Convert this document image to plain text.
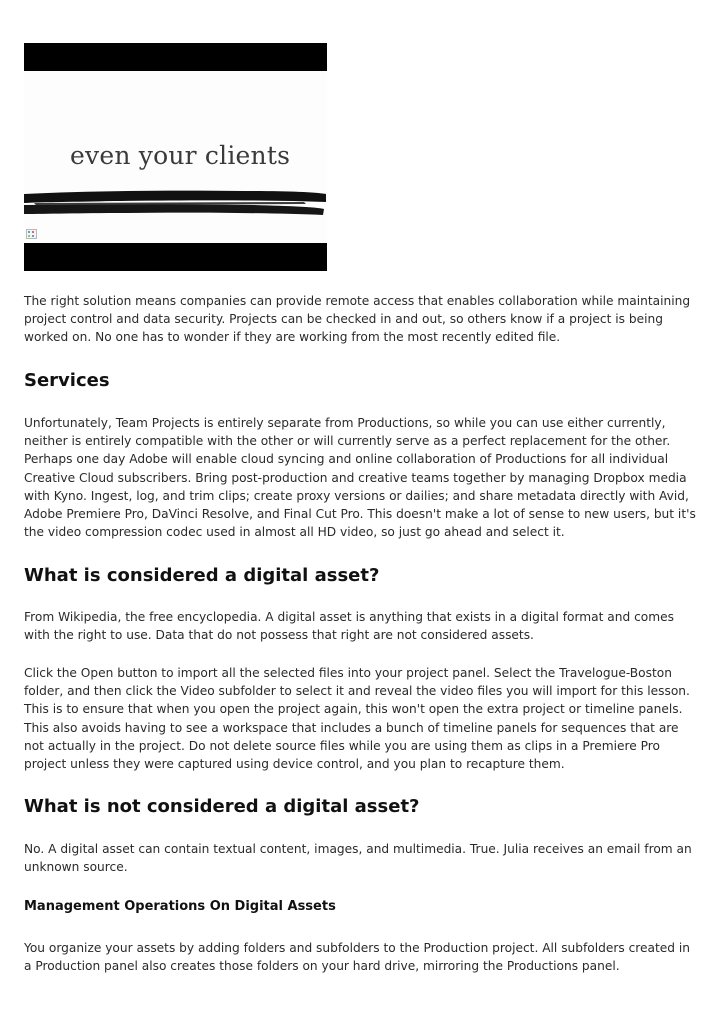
even your clients

The right solution means companies can provide remote access that enables collaboration while maintaining project control and data security. Projects can be checked in and out, so others know if a project is being worked on. No one has to wonder if they are working from the most recently edited file.

Services

Unfortunately, Team Projects is entirely separate from Productions, so while you can use either currently, neither is entirely compatible with the other or will currently serve as a perfect replacement for the other. Perhaps one day Adobe will enable cloud syncing and online collaboration of Productions for all individual Creative Cloud subscribers. Bring post-production and creative teams together by managing Dropbox media with Kyno. Ingest, log, and trim clips; create proxy versions or dailies; and share metadata directly with Avid, Adobe Premiere Pro, DaVinci Resolve, and Final Cut Pro. This doesn't make a lot of sense to new users, but it's the video compression codec used in almost all HD video, so just go ahead and select it.

What is considered a digital asset?

From Wikipedia, the free encyclopedia. A digital asset is anything that exists in a digital format and comes with the right to use. Data that do not possess that right are not considered assets.

Click the Open button to import all the selected files into your project panel. Select the Travelogue-Boston folder, and then click the Video subfolder to select it and reveal the video files you will import for this lesson. This is to ensure that when you open the project again, this won't open the extra project or timeline panels. This also avoids having to see a workspace that includes a bunch of timeline panels for sequences that are not actually in the project. Do not delete source files while you are using them as clips in a Premiere Pro project unless they were captured using device control, and you plan to recapture them.

What is not considered a digital asset?

No. A digital asset can contain textual content, images, and multimedia. True. Julia receives an email from an unknown source.

Management Operations On Digital Assets

You organize your assets by adding folders and subfolders to the Production project. All subfolders created in a Production panel also creates those folders on your hard drive, mirroring the Productions panel.
